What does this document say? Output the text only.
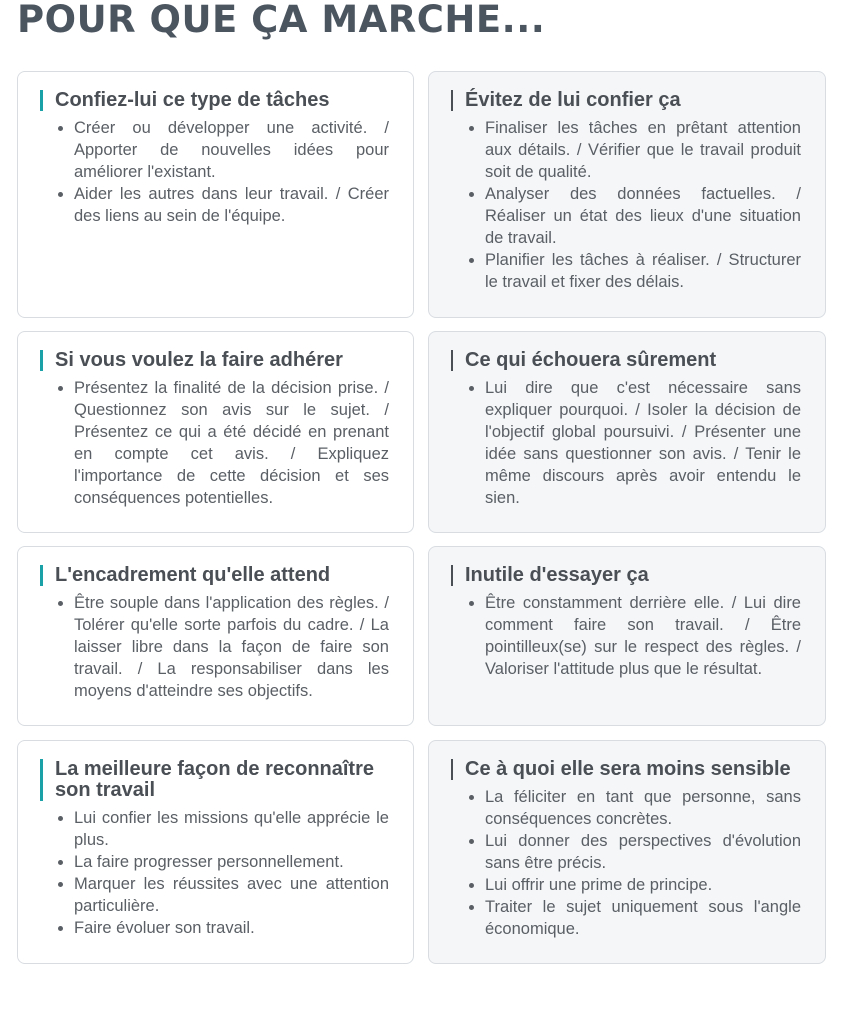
POUR QUE ÇA MARCHE...
Confiez-lui ce type de tâches
• Créer ou développer une activité. / Apporter de nouvelles idées pour améliorer l'existant.
• Aider les autres dans leur travail. / Créer des liens au sein de l'équipe.
Évitez de lui confier ça
• Finaliser les tâches en prêtant attention aux détails. / Vérifier que le travail produit soit de qualité.
• Analyser des données factuelles. / Réaliser un état des lieux d'une situation de travail.
• Planifier les tâches à réaliser. / Structurer le travail et fixer des délais.
Si vous voulez la faire adhérer
• Présentez la finalité de la décision prise. / Questionnez son avis sur le sujet. / Présentez ce qui a été décidé en prenant en compte cet avis. / Expliquez l'importance de cette décision et ses conséquences potentielles.
Ce qui échouera sûrement
• Lui dire que c'est nécessaire sans expliquer pourquoi. / Isoler la décision de l'objectif global poursuivi. / Présenter une idée sans questionner son avis. / Tenir le même discours après avoir entendu le sien.
L'encadrement qu'elle attend
• Être souple dans l'application des règles. / Tolérer qu'elle sorte parfois du cadre. / La laisser libre dans la façon de faire son travail. / La responsabiliser dans les moyens d'atteindre ses objectifs.
Inutile d'essayer ça
• Être constamment derrière elle. / Lui dire comment faire son travail. / Être pointilleux(se) sur le respect des règles. / Valoriser l'attitude plus que le résultat.
La meilleure façon de reconnaître son travail
• Lui confier les missions qu'elle apprécie le plus.
• La faire progresser personnellement.
• Marquer les réussites avec une attention particulière.
• Faire évoluer son travail.
Ce à quoi elle sera moins sensible
• La féliciter en tant que personne, sans conséquences concrètes.
• Lui donner des perspectives d'évolution sans être précis.
• Lui offrir une prime de principe.
• Traiter le sujet uniquement sous l'angle économique.
